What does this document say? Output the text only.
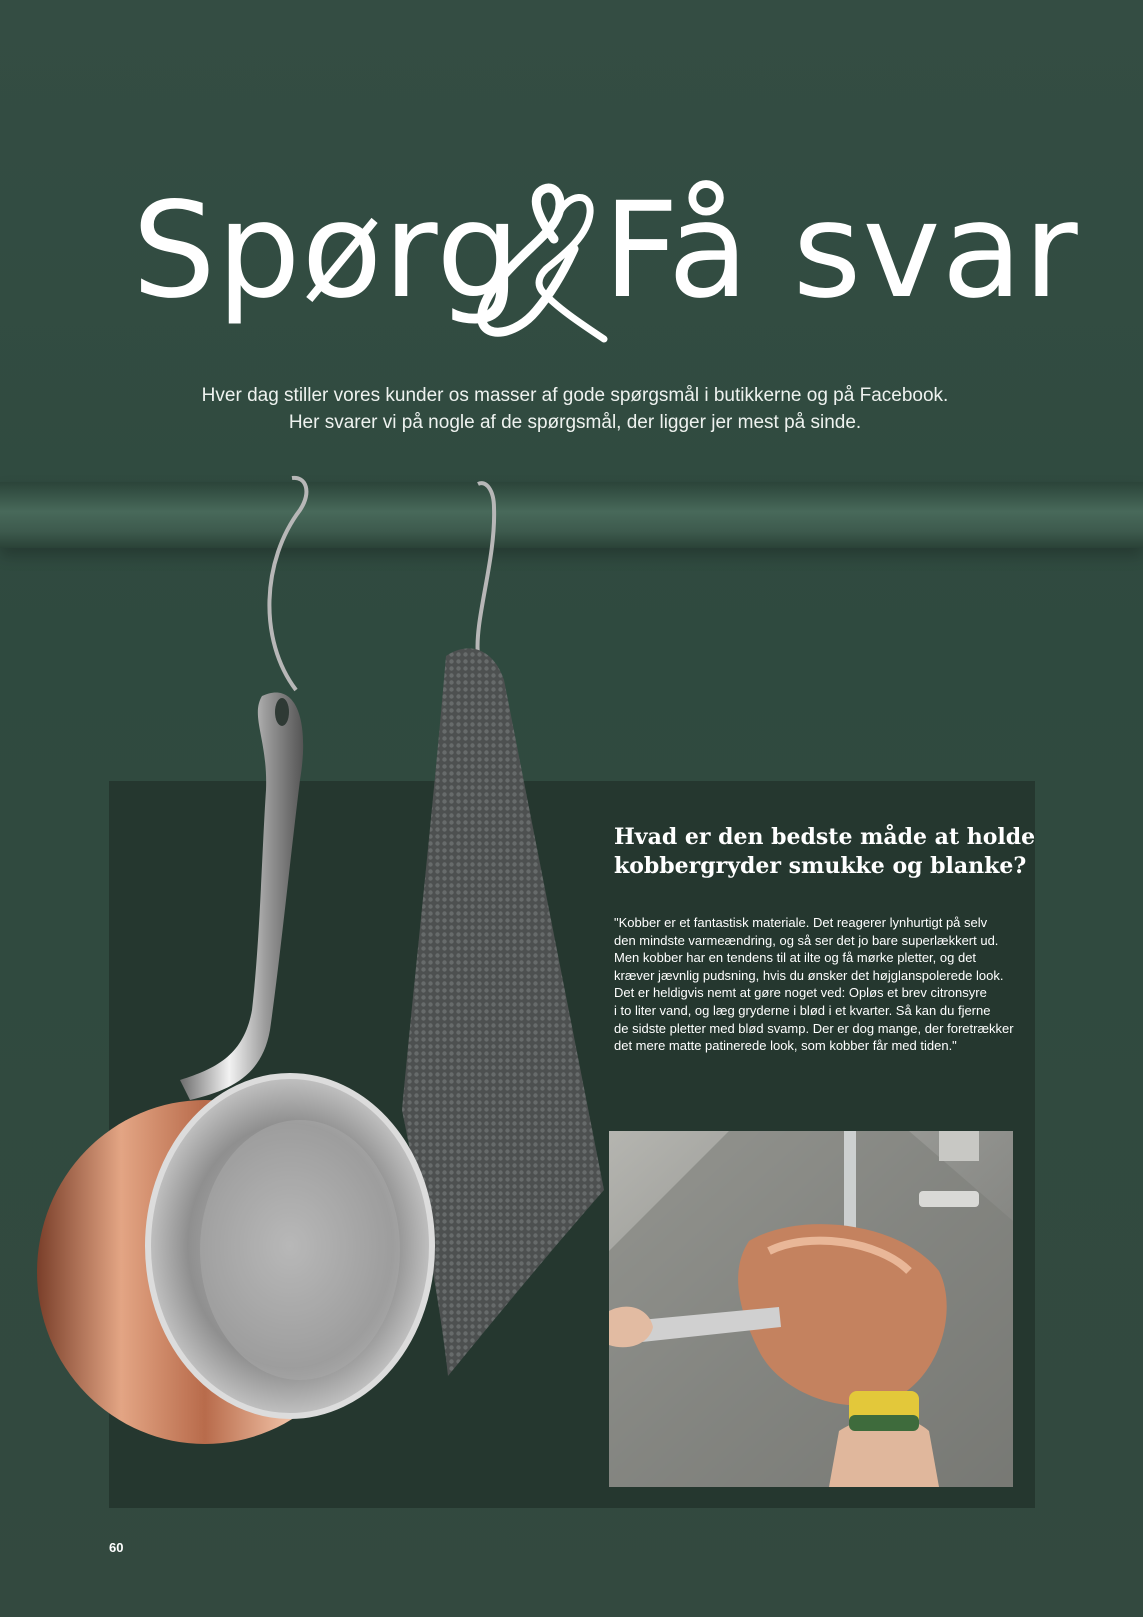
Spørg Få svar
Hver dag stiller vores kunder os masser af gode spørgsmål i butikkerne og på Facebook.
Her svarer vi på nogle af de spørgsmål, der ligger jer mest på sinde.
Hvad er den bedste måde at holde
kobbergryder smukke og blanke?
"Kobber er et fantastisk materiale. Det reagerer lynhurtigt på selv
den mindste varmeændring, og så ser det jo bare superlækkert ud.
Men kobber har en tendens til at ilte og få mørke pletter, og det
kræver jævnlig pudsning, hvis du ønsker det højglanspolerede look.
Det er heldigvis nemt at gøre noget ved: Opløs et brev citronsyre
i to liter vand, og læg gryderne i blød i et kvarter. Så kan du fjerne
de sidste pletter med blød svamp. Der er dog mange, der foretrækker
det mere matte patinerede look, som kobber får med tiden."
60
